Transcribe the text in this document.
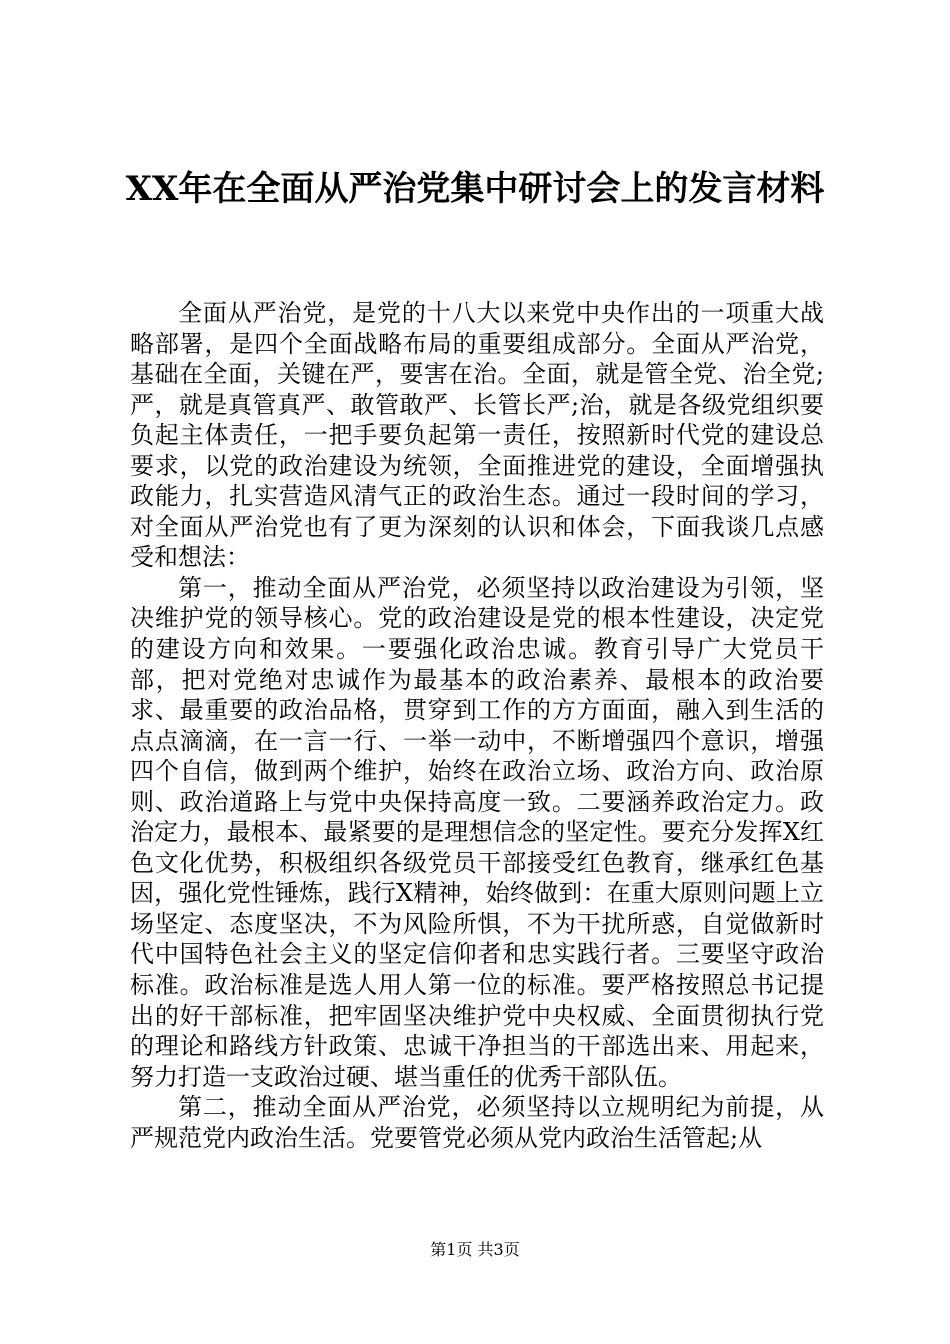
XX年在全面从严治党集中研讨会上的发言材料

全面从严治党，是党的十八大以来党中央作出的一项重大战略部署，是四个全面战略布局的重要组成部分。全面从严治党，基础在全面，关键在严，要害在治。全面，就是管全党、治全党;严，就是真管真严、敢管敢严、长管长严;治，就是各级党组织要负起主体责任，一把手要负起第一责任，按照新时代党的建设总要求，以党的政治建设为统领，全面推进党的建设，全面增强执政能力，扎实营造风清气正的政治生态。通过一段时间的学习，对全面从严治党也有了更为深刻的认识和体会，下面我谈几点感受和想法：

第一，推动全面从严治党，必须坚持以政治建设为引领，坚决维护党的领导核心。党的政治建设是党的根本性建设，决定党的建设方向和效果。一要强化政治忠诚。教育引导广大党员干部，把对党绝对忠诚作为最基本的政治素养、最根本的政治要求、最重要的政治品格，贯穿到工作的方方面面，融入到生活的点点滴滴，在一言一行、一举一动中，不断增强四个意识，增强四个自信，做到两个维护，始终在政治立场、政治方向、政治原则、政治道路上与党中央保持高度一致。二要涵养政治定力。政治定力，最根本、最紧要的是理想信念的坚定性。要充分发挥X红色文化优势，积极组织各级党员干部接受红色教育，继承红色基因，强化党性锤炼，践行X精神，始终做到：在重大原则问题上立场坚定、态度坚决，不为风险所惧，不为干扰所惑，自觉做新时代中国特色社会主义的坚定信仰者和忠实践行者。三要坚守政治标准。政治标准是选人用人第一位的标准。要严格按照总书记提出的好干部标准，把牢固坚决维护党中央权威、全面贯彻执行党的理论和路线方针政策、忠诚干净担当的干部选出来、用起来，努力打造一支政治过硬、堪当重任的优秀干部队伍。

第二，推动全面从严治党，必须坚持以立规明纪为前提，从严规范党内政治生活。党要管党必须从党内政治生活管起;从

第1页 共3页
